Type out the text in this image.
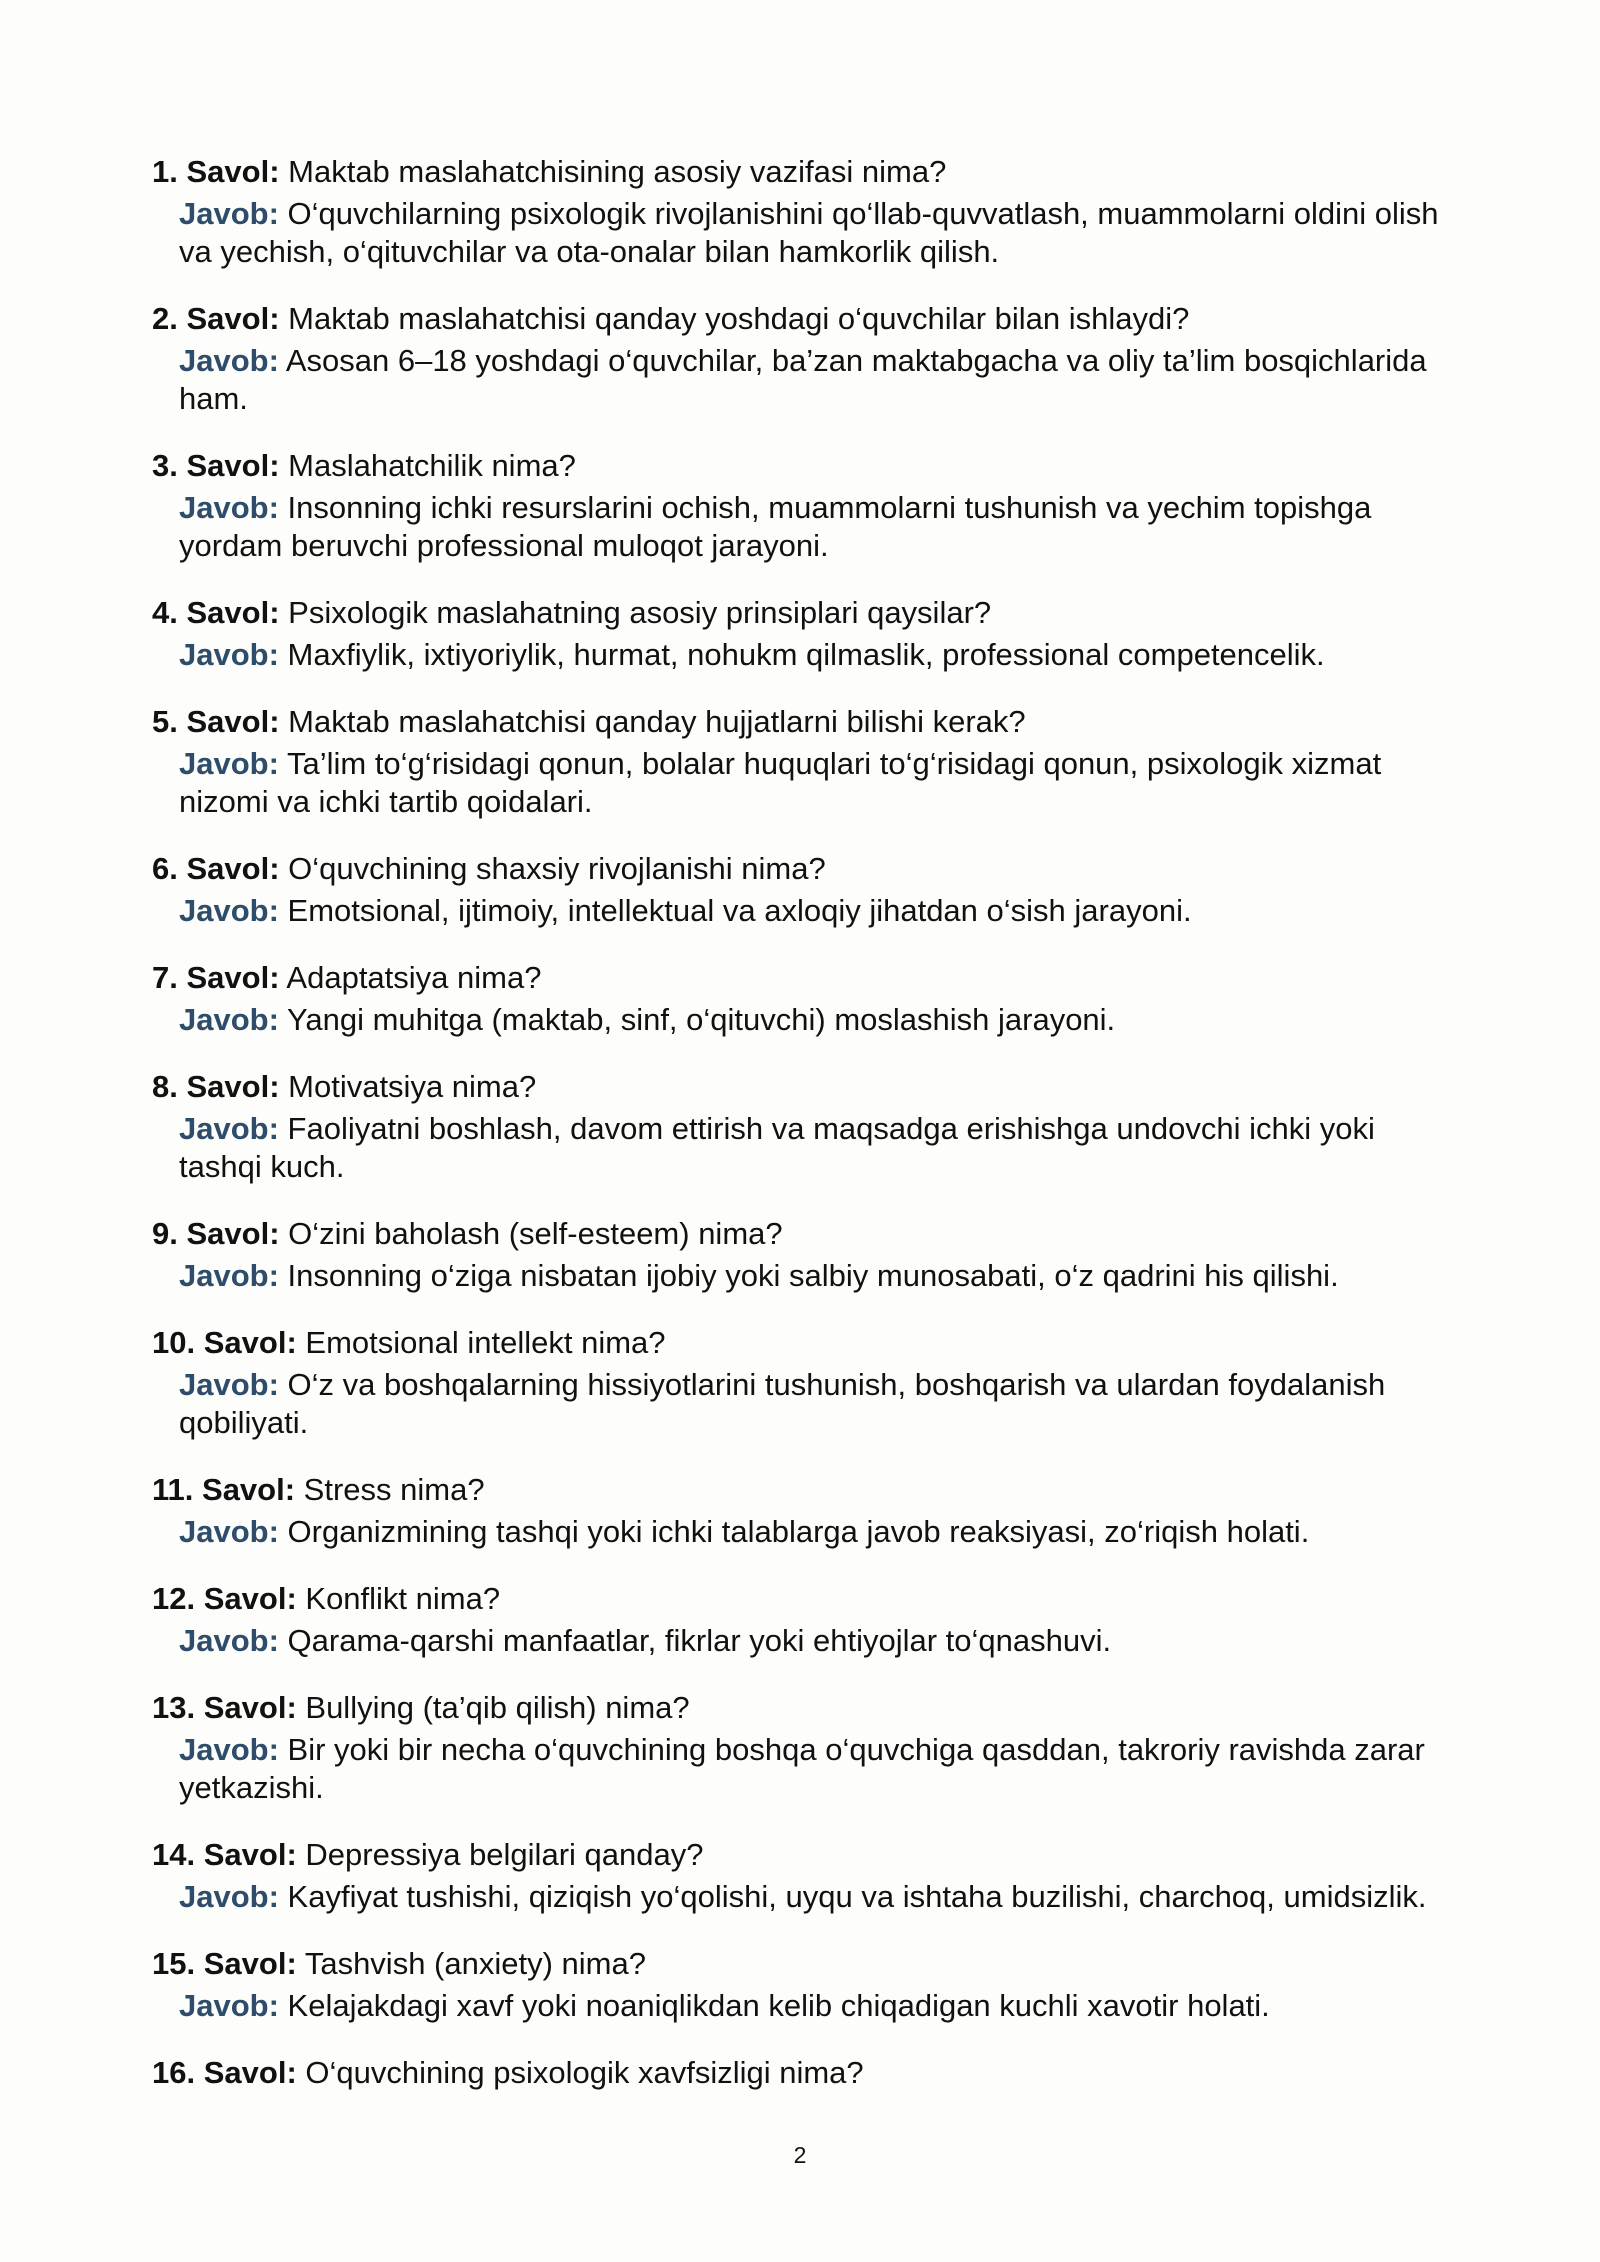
1. Savol: Maktab maslahatchisining asosiy vazifasi nima?
Javob: O‘quvchilarning psixologik rivojlanishini qo‘llab-quvvatlash, muammolarni oldini olish va yechish, o‘qituvchilar va ota-onalar bilan hamkorlik qilish.
2. Savol: Maktab maslahatchisi qanday yoshdagi o‘quvchilar bilan ishlaydi?
Javob: Asosan 6–18 yoshdagi o‘quvchilar, ba’zan maktabgacha va oliy ta’lim bosqichlarida ham.
3. Savol: Maslahatchilik nima?
Javob: Insonning ichki resurslarini ochish, muammolarni tushunish va yechim topishga yordam beruvchi professional muloqot jarayoni.
4. Savol: Psixologik maslahatning asosiy prinsiplari qaysilar?
Javob: Maxfiylik, ixtiyoriylik, hurmat, nohukm qilmaslik, professional competencelik.
5. Savol: Maktab maslahatchisi qanday hujjatlarni bilishi kerak?
Javob: Ta’lim to‘g‘risidagi qonun, bolalar huquqlari to‘g‘risidagi qonun, psixologik xizmat nizomi va ichki tartib qoidalari.
6. Savol: O‘quvchining shaxsiy rivojlanishi nima?
Javob: Emotsional, ijtimoiy, intellektual va axloqiy jihatdan o‘sish jarayoni.
7. Savol: Adaptatsiya nima?
Javob: Yangi muhitga (maktab, sinf, o‘qituvchi) moslashish jarayoni.
8. Savol: Motivatsiya nima?
Javob: Faoliyatni boshlash, davom ettirish va maqsadga erishishga undovchi ichki yoki tashqi kuch.
9. Savol: O‘zini baholash (self-esteem) nima?
Javob: Insonning o‘ziga nisbatan ijobiy yoki salbiy munosabati, o‘z qadrini his qilishi.
10. Savol: Emotsional intellekt nima?
Javob: O‘z va boshqalarning hissiyotlarini tushunish, boshqarish va ulardan foydalanish qobiliyati.
11. Savol: Stress nima?
Javob: Organizmining tashqi yoki ichki talablarga javob reaksiyasi, zo‘riqish holati.
12. Savol: Konflikt nima?
Javob: Qarama-qarshi manfaatlar, fikrlar yoki ehtiyojlar to‘qnashuvi.
13. Savol: Bullying (ta’qib qilish) nima?
Javob: Bir yoki bir necha o‘quvchining boshqa o‘quvchiga qasddan, takroriy ravishda zarar yetkazishi.
14. Savol: Depressiya belgilari qanday?
Javob: Kayfiyat tushishi, qiziqish yo‘qolishi, uyqu va ishtaha buzilishi, charchoq, umidsizlik.
15. Savol: Tashvish (anxiety) nima?
Javob: Kelajakdagi xavf yoki noaniqlikdan kelib chiqadigan kuchli xavotir holati.
16. Savol: O‘quvchining psixologik xavfsizligi nima?
2
